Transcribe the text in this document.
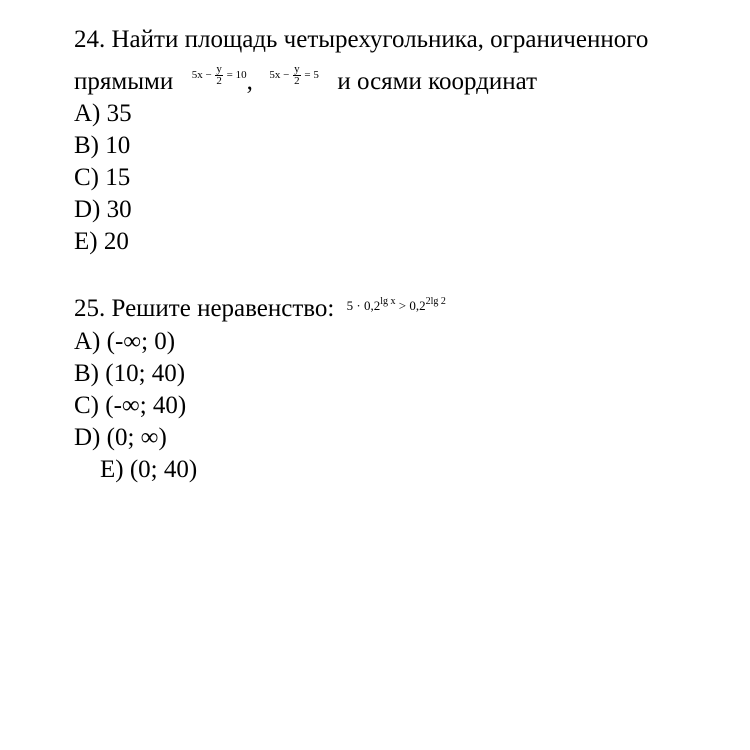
24. Найти площадь четырехугольника, ограниченного
прямыми $5x - \frac{y}{2} = 10$, $5x - \frac{y}{2} = 5$ и осями координат
A) 35
B) 10
C) 15
D) 30
E) 20
25. Решите неравенство: $^{5 \cdot 0,2^{lg x} > 0,2^{2lg 2}}$
A) (-∞; 0)
B) (10; 40)
C) (-∞; 40)
D) (0; ∞)
E) (0; 40)
